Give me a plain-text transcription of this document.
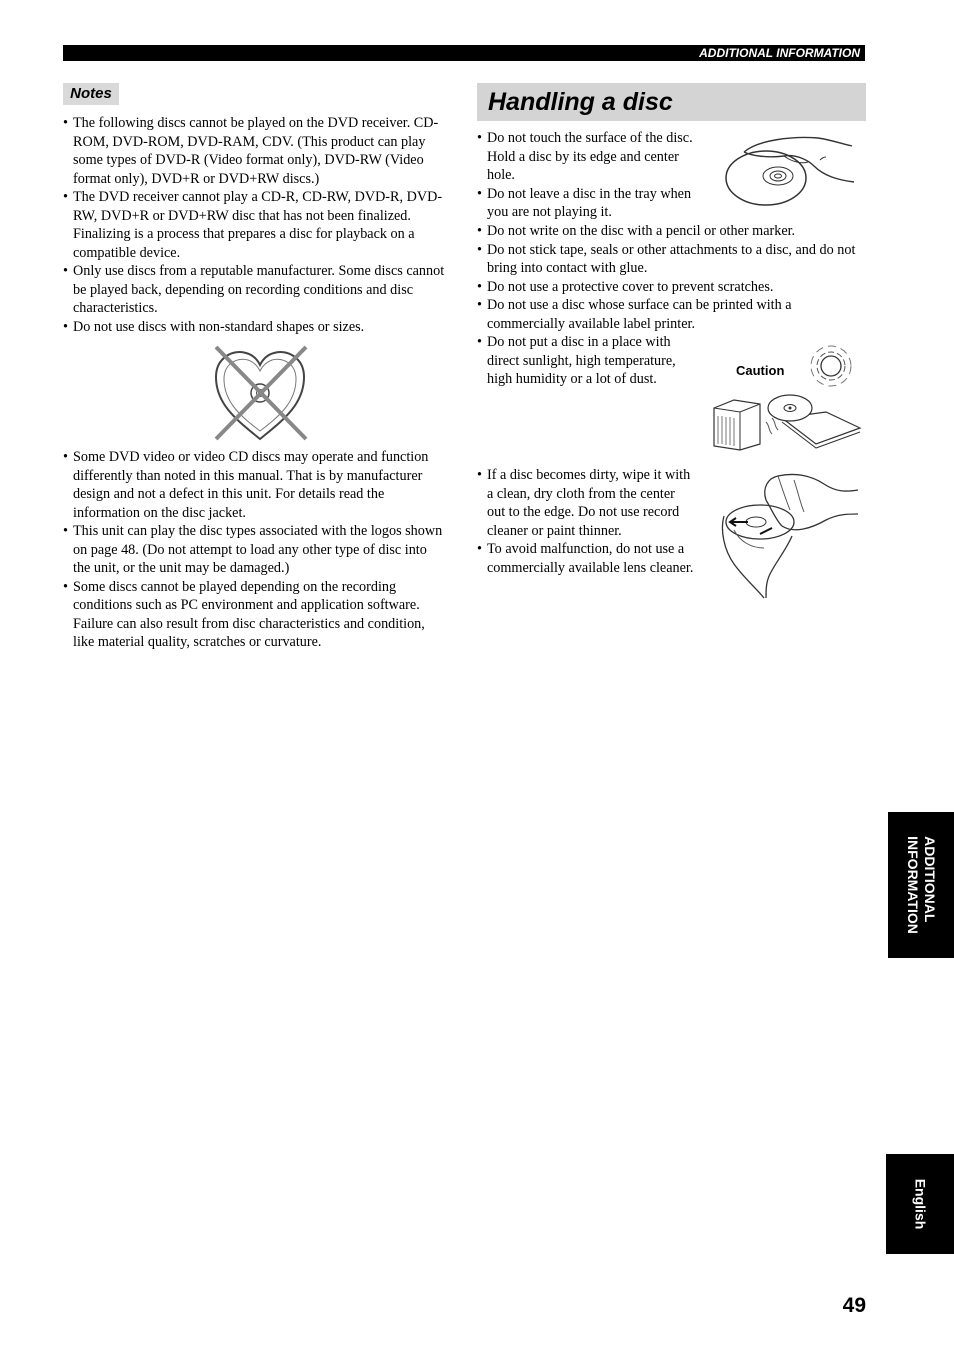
ADDITIONAL INFORMATION
Notes
• The following discs cannot be played on the DVD receiver. CD-ROM, DVD-ROM, DVD-RAM, CDV. (This product can play some types of DVD-R (Video format only), DVD-RW (Video format only), DVD+R or DVD+RW discs.)
• The DVD receiver cannot play a CD-R, CD-RW, DVD-R, DVD-RW, DVD+R or DVD+RW disc that has not been finalized. Finalizing is a process that prepares a disc for playback on a compatible device.
• Only use discs from a reputable manufacturer. Some discs cannot be played back, depending on recording conditions and disc characteristics.
• Do not use discs with non-standard shapes or sizes.
• Some DVD video or video CD discs may operate and function differently than noted in this manual. That is by manufacturer design and not a defect in this unit. For details read the information on the disc jacket.
• This unit can play the disc types associated with the logos shown on page 48. (Do not attempt to load any other type of disc into the unit, or the unit may be damaged.)
• Some discs cannot be played depending on the recording conditions such as PC environment and application software. Failure can also result from disc characteristics and condition, like material quality, scratches or curvature.
Handling a disc
• Do not touch the surface of the disc. Hold a disc by its edge and center hole.
• Do not leave a disc in the tray when you are not playing it.
• Do not write on the disc with a pencil or other marker.
• Do not stick tape, seals or other attachments to a disc, and do not bring into contact with glue.
• Do not use a protective cover to prevent scratches.
• Do not use a disc whose surface can be printed with a commercially available label printer.
• Do not put a disc in a place with direct sunlight, high temperature, high humidity or a lot of dust.
Caution
• If a disc becomes dirty, wipe it with a clean, dry cloth from the center out to the edge. Do not use record cleaner or paint thinner.
• To avoid malfunction, do not use a commercially available lens cleaner.
ADDITIONAL
INFORMATION
English
49
